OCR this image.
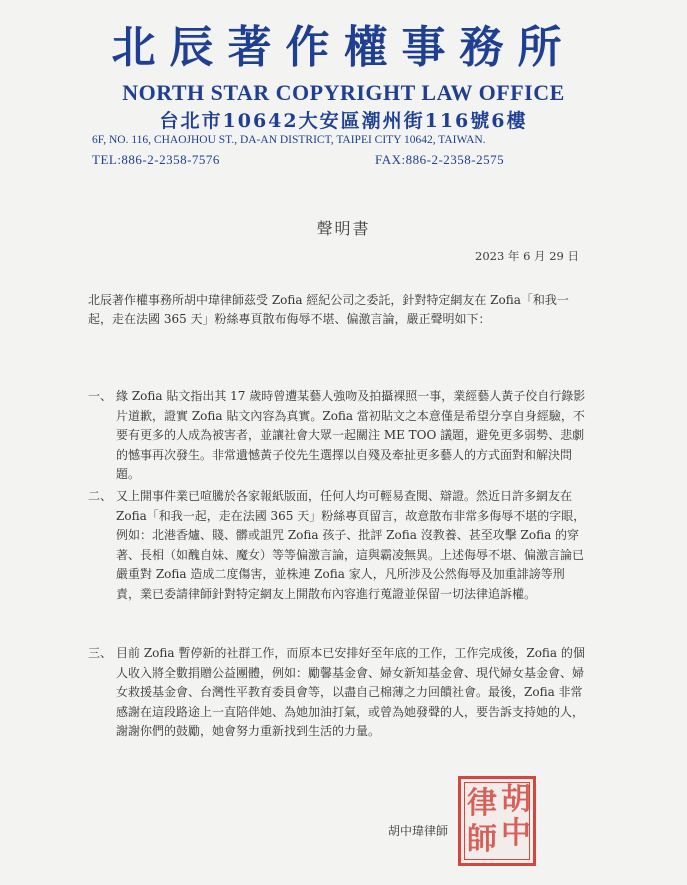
北辰著作權事務所
NORTH STAR COPYRIGHT LAW OFFICE
台北市10642大安區潮州街116號6樓
6F, NO. 116, CHAOJHOU ST., DA-AN DISTRICT, TAIPEI CITY 10642, TAIWAN.
TEL:886-2-2358-7576	FAX:886-2-2358-2575
聲明書
2023 年 6 月 29 日
北辰著作權事務所胡中瑋律師茲受 Zofia 經紀公司之委託，針對特定網友在 Zofia「和我一起，走在法國 365 天」粉絲專頁散布侮辱不堪、偏激言論，嚴正聲明如下：
一、 緣 Zofia 貼文指出其 17 歲時曾遭某藝人強吻及拍攝裸照一事，業經藝人黃子佼自行錄影片道歉，證實 Zofia 貼文內容為真實。Zofia 當初貼文之本意僅是希望分享自身經驗，不要有更多的人成為被害者，並讓社會大眾一起關注 ME TOO 議題，避免更多弱勢、悲劇的憾事再次發生。非常遺憾黃子佼先生選擇以自殘及牽扯更多藝人的方式面對和解決問題。
二、 又上開事件業已喧騰於各家報紙版面，任何人均可輕易查閱、辯證。然近日許多網友在 Zofia「和我一起，走在法國 365 天」粉絲專頁留言，故意散布非常多侮辱不堪的字眼，例如：北港香爐、賤、髒或詛咒 Zofia 孩子、批評 Zofia 沒教養、甚至攻擊 Zofia 的穿著、長相（如醜自妹、魔女）等等偏激言論，這與霸凌無異。上述侮辱不堪、偏激言論已嚴重對 Zofia 造成二度傷害，並株連 Zofia 家人，凡所涉及公然侮辱及加重誹謗等刑責，業已委請律師針對特定網友上開散布內容進行蒐證並保留一切法律追訴權。
三、 目前 Zofia 暫停新的社群工作，而原本已安排好至年底的工作，工作完成後，Zofia 的個人收入將全數捐贈公益團體，例如：勵馨基金會、婦女新知基金會、現代婦女基金會、婦女救援基金會、台灣性平教育委員會等，以盡自己棉薄之力回饋社會。最後，Zofia 非常感謝在這段路途上一直陪伴她、為她加油打氣，或曾為她發聲的人，要告訴支持她的人，謝謝你們的鼓勵，她會努力重新找到生活的力量。
胡中瑋律師
胡
中
律
師
